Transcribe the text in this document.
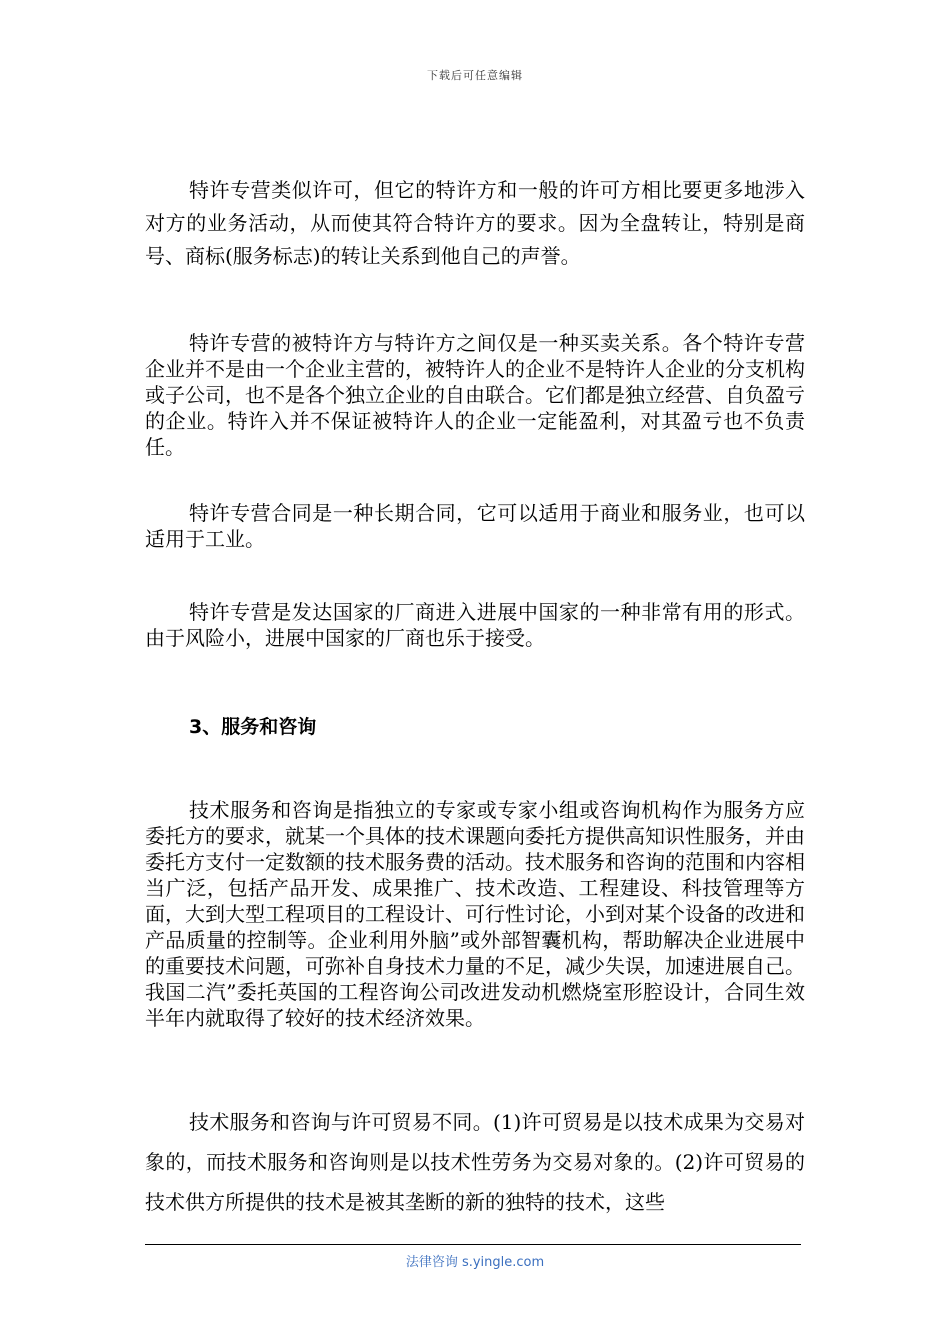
下载后可任意编辑

特许专营类似许可，但它的特许方和一般的许可方相比要更多地涉入对方的业务活动，从而使其符合特许方的要求。因为全盘转让，特别是商号、商标(服务标志)的转让关系到他自己的声誉。

特许专营的被特许方与特许方之间仅是一种买卖关系。各个特许专营企业并不是由一个企业主营的，被特许人的企业不是特许人企业的分支机构或子公司，也不是各个独立企业的自由联合。它们都是独立经营、自负盈亏的企业。特许入并不保证被特许人的企业一定能盈利，对其盈亏也不负责任。

特许专营合同是一种长期合同，它可以适用于商业和服务业，也可以适用于工业。

特许专营是发达国家的厂商进入进展中国家的一种非常有用的形式。由于风险小，进展中国家的厂商也乐于接受。

3、服务和咨询

技术服务和咨询是指独立的专家或专家小组或咨询机构作为服务方应委托方的要求，就某一个具体的技术课题向委托方提供高知识性服务，并由委托方支付一定数额的技术服务费的活动。技术服务和咨询的范围和内容相当广泛，包括产品开发、成果推广、技术改造、工程建设、科技管理等方面，大到大型工程项目的工程设计、可行性讨论，小到对某个设备的改进和产品质量的控制等。企业利用外脑”或外部智囊机构，帮助解决企业进展中的重要技术问题，可弥补自身技术力量的不足，减少失误，加速进展自己。我国二汽”委托英国的工程咨询公司改进发动机燃烧室形腔设计，合同生效半年内就取得了较好的技术经济效果。

技术服务和咨询与许可贸易不同。(1)许可贸易是以技术成果为交易对象的，而技术服务和咨询则是以技术性劳务为交易对象的。(2)许可贸易的技术供方所提供的技术是被其垄断的新的独特的技术，这些

法律咨询 s.yingle.com
